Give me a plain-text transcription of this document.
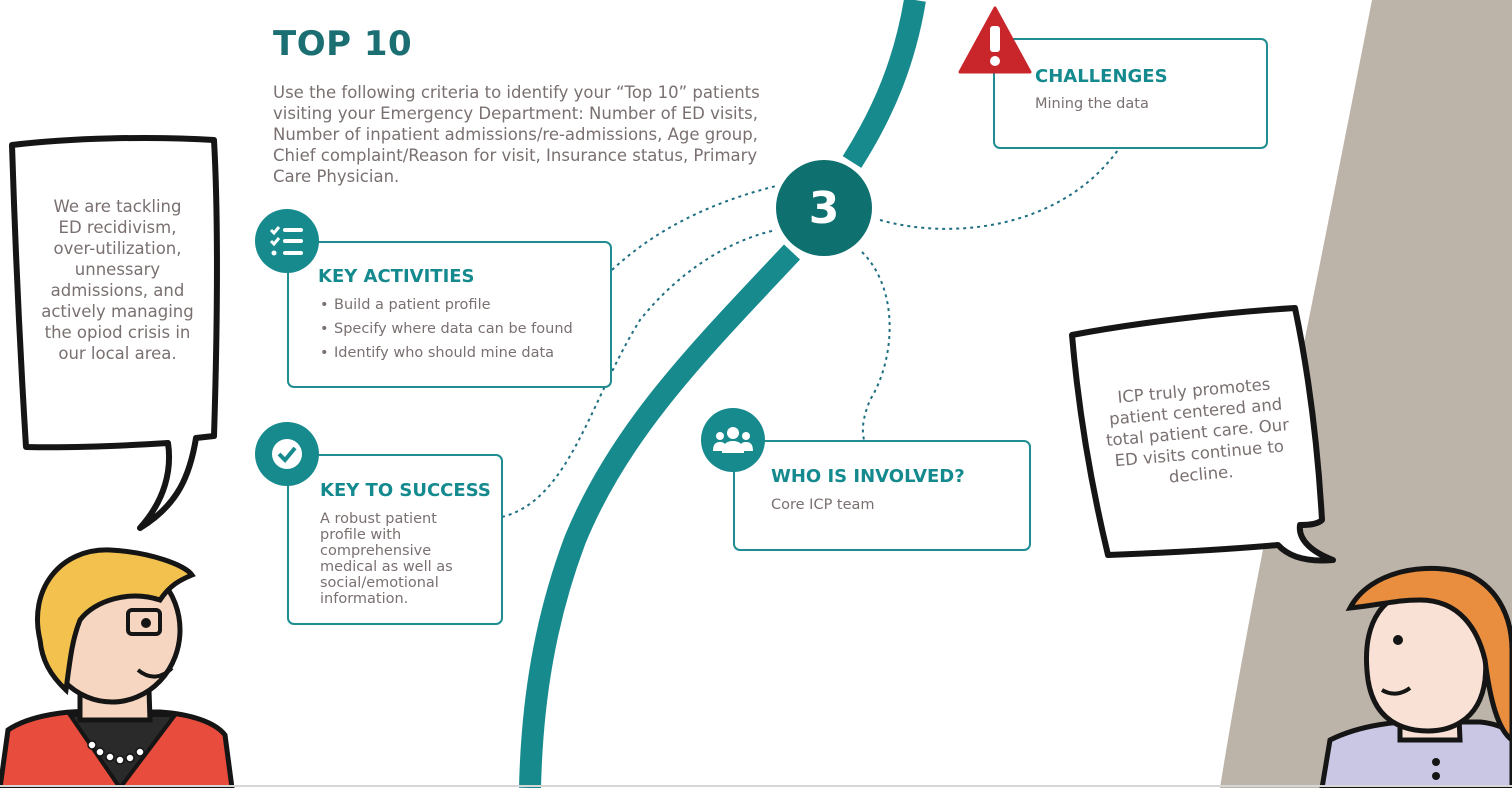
TOP 10
Use the following criteria to identify your “Top 10” patients visiting your Emergency Department: Number of ED visits, Number of inpatient admissions/re-admissions, Age group, Chief complaint/Reason for visit, Insurance status, Primary Care Physician.
3
KEY ACTIVITIES
• Build a patient profile
• Specify where data can be found
• Identify who should mine data
KEY TO SUCCESS
A robust patient profile with comprehensive medical as well as social/emotional information.
CHALLENGES
Mining the data
WHO IS INVOLVED?
Core ICP team
We are tackling ED recidivism, over-utilization, unnessary admissions, and actively managing the opiod crisis in our local area.
ICP truly promotes patient centered and total patient care. Our ED visits continue to decline.
